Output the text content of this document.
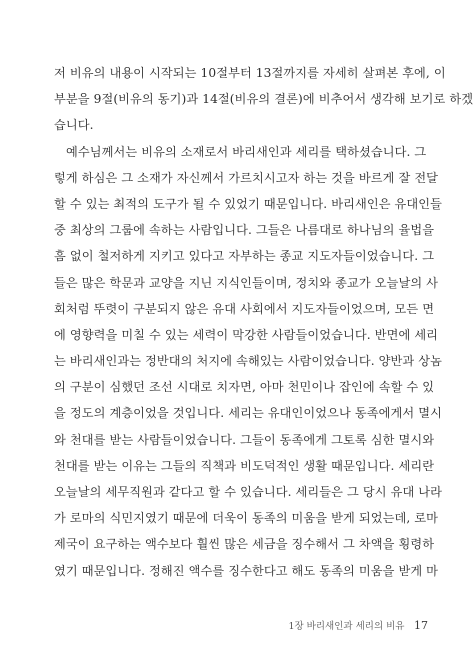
저 비유의 내용이 시작되는 10절부터 13절까지를 자세히 살펴본 후에, 이
부분을 9절(비유의 동기)과 14절(비유의 결론)에 비추어서 생각해 보기로 하겠
습니다.
예수님께서는 비유의 소재로서 바리새인과 세리를 택하셨습니다. 그
렇게 하심은 그 소재가 자신께서 가르치시고자 하는 것을 바르게 잘 전달
할 수 있는 최적의 도구가 될 수 있었기 때문입니다. 바리새인은 유대인들
중 최상의 그룹에 속하는 사람입니다. 그들은 나름대로 하나님의 율법을
흠 없이 철저하게 지키고 있다고 자부하는 종교 지도자들이었습니다. 그
들은 많은 학문과 교양을 지닌 지식인들이며, 정치와 종교가 오늘날의 사
회처럼 뚜렷이 구분되지 않은 유대 사회에서 지도자들이었으며, 모든 면
에 영향력을 미칠 수 있는 세력이 막강한 사람들이었습니다. 반면에 세리
는 바리새인과는 정반대의 처지에 속해있는 사람이었습니다. 양반과 상놈
의 구분이 심했던 조선 시대로 치자면, 아마 천민이나 잡인에 속할 수 있
을 정도의 계층이었을 것입니다. 세리는 유대인이었으나 동족에게서 멸시
와 천대를 받는 사람들이었습니다. 그들이 동족에게 그토록 심한 멸시와
천대를 받는 이유는 그들의 직책과 비도덕적인 생활 때문입니다. 세리란
오늘날의 세무직원과 같다고 할 수 있습니다. 세리들은 그 당시 유대 나라
가 로마의 식민지였기 때문에 더욱이 동족의 미움을 받게 되었는데, 로마
제국이 요구하는 액수보다 훨씬 많은 세금을 징수해서 그 차액을 횡령하
였기 때문입니다. 정해진 액수를 징수한다고 해도 동족의 미움을 받게 마
1장 바리새인과 세리의 비유 17
